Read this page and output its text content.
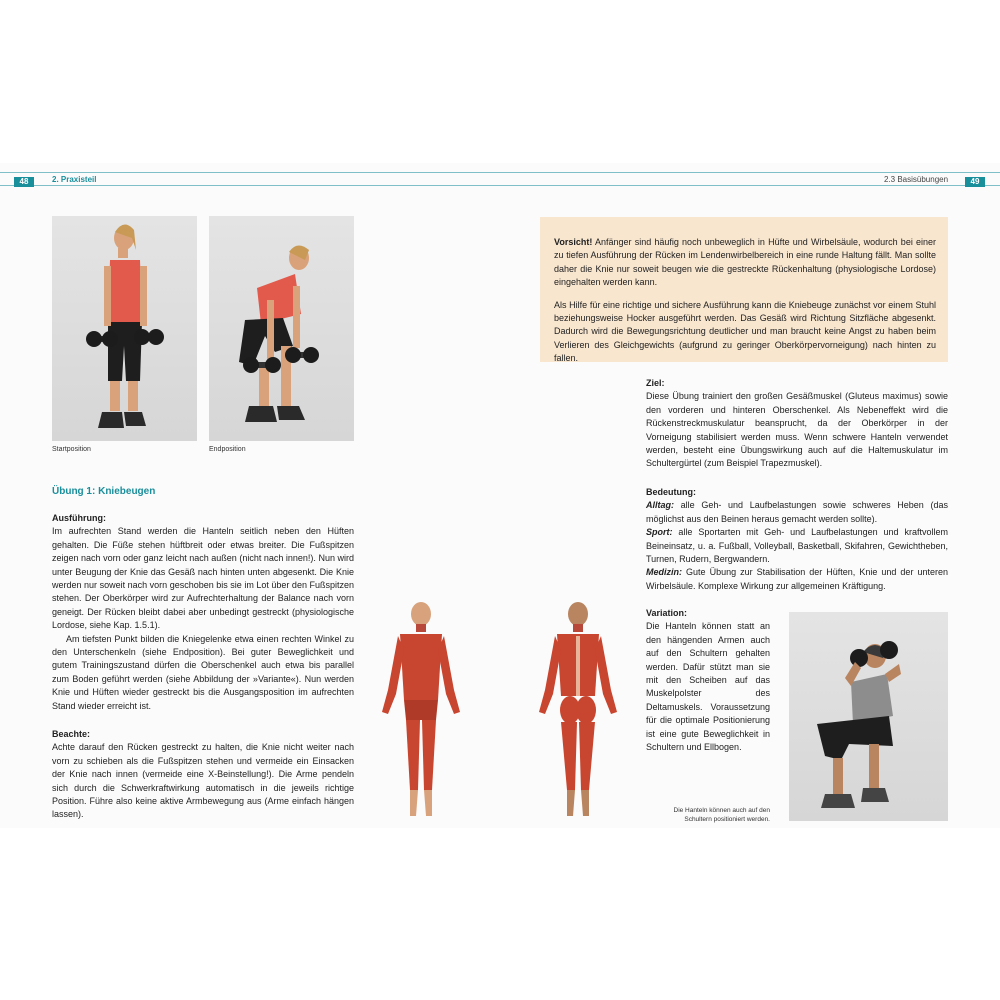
48	2. Praxisteil	2.3 Basisübungen	49
Startposition	Endposition
Übung 1: Kniebeugen
Ausführung:

Im aufrechten Stand werden die Hanteln seitlich neben den Hüften gehalten. Die Füße stehen hüftbreit oder etwas breiter. Die Fußspitzen zeigen nach vorn oder ganz leicht nach außen (nicht nach innen!). Nun wird unter Beugung der Knie das Gesäß nach hinten unten abgesenkt. Die Knie werden nur soweit nach vorn geschoben bis sie im Lot über den Fußspitzen stehen. Der Oberkörper wird zur Aufrechterhaltung der Balance nach vorn geneigt. Der Rücken bleibt dabei aber unbedingt gestreckt (physiologische Lordose, siehe Kap. 1.5.1).

Am tiefsten Punkt bilden die Kniegelenke etwa einen rechten Winkel zu den Unterschenkeln (siehe Endposition). Bei guter Beweglichkeit und gutem Trainingszustand dürfen die Oberschenkel auch etwa bis parallel zum Boden geführt werden (siehe Abbildung der »Variante«). Nun werden Knie und Hüften wieder gestreckt bis die Ausgangsposition im aufrechten Stand wieder erreicht ist.

Beachte:

Achte darauf den Rücken gestreckt zu halten, die Knie nicht weiter nach vorn zu schieben als die Fußspitzen stehen und vermeide ein Einsacken der Knie nach innen (vermeide eine X-Beinstellung!). Die Arme pendeln sich durch die Schwerkraftwirkung automatisch in die jeweils richtige Position. Führe also keine aktive Armbewegung aus (Arme einfach hängen lassen).

Vorsicht! Anfänger sind häufig noch unbeweglich in Hüfte und Wirbelsäule, wodurch bei einer zu tiefen Ausführung der Rücken im Lendenwirbelbereich in eine runde Haltung fällt. Man sollte daher die Knie nur soweit beugen wie die gestreckte Rückenhaltung (physiologische Lordose) eingehalten werden kann.

Als Hilfe für eine richtige und sichere Ausführung kann die Kniebeuge zunächst vor einem Stuhl beziehungsweise Hocker ausgeführt werden. Das Gesäß wird Richtung Sitzfläche abgesenkt. Dadurch wird die Bewegungsrichtung deutlicher und man braucht keine Angst zu haben beim Verlieren des Gleichgewichts (aufgrund zu geringer Oberkörpervorneigung) nach hinten zu fallen.

Ziel:

Diese Übung trainiert den großen Gesäßmuskel (Gluteus maximus) sowie den vorderen und hinteren Oberschenkel. Als Nebeneffekt wird die Rückenstreckmuskulatur beansprucht, da der Oberkörper in der Vorneigung stabilisiert werden muss. Wenn schwere Hanteln verwendet werden, besteht eine Übungswirkung auch auf die Haltemuskulatur im Schultergürtel (zum Beispiel Trapezmuskel).

Bedeutung:

Alltag: alle Geh- und Laufbelastungen sowie schweres Heben (das möglichst aus den Beinen heraus gemacht werden sollte).

Sport: alle Sportarten mit Geh- und Laufbelastungen und kraftvollem Beineinsatz, u. a. Fußball, Volleyball, Basketball, Skifahren, Gewichtheben, Turnen, Rudern, Bergwandern.

Medizin: Gute Übung zur Stabilisation der Hüften, Knie und der unteren Wirbelsäule. Komplexe Wirkung zur allgemeinen Kräftigung.

Variation:

Die Hanteln können statt an den hängenden Armen auch auf den Schultern gehalten werden. Dafür stützt man sie mit den Scheiben auf das Muskelpolster des Deltamuskels. Voraussetzung für die optimale Positionierung ist eine gute Beweglichkeit in Schultern und Ellbogen.

Die Hanteln können auch auf den Schultern positioniert werden.
